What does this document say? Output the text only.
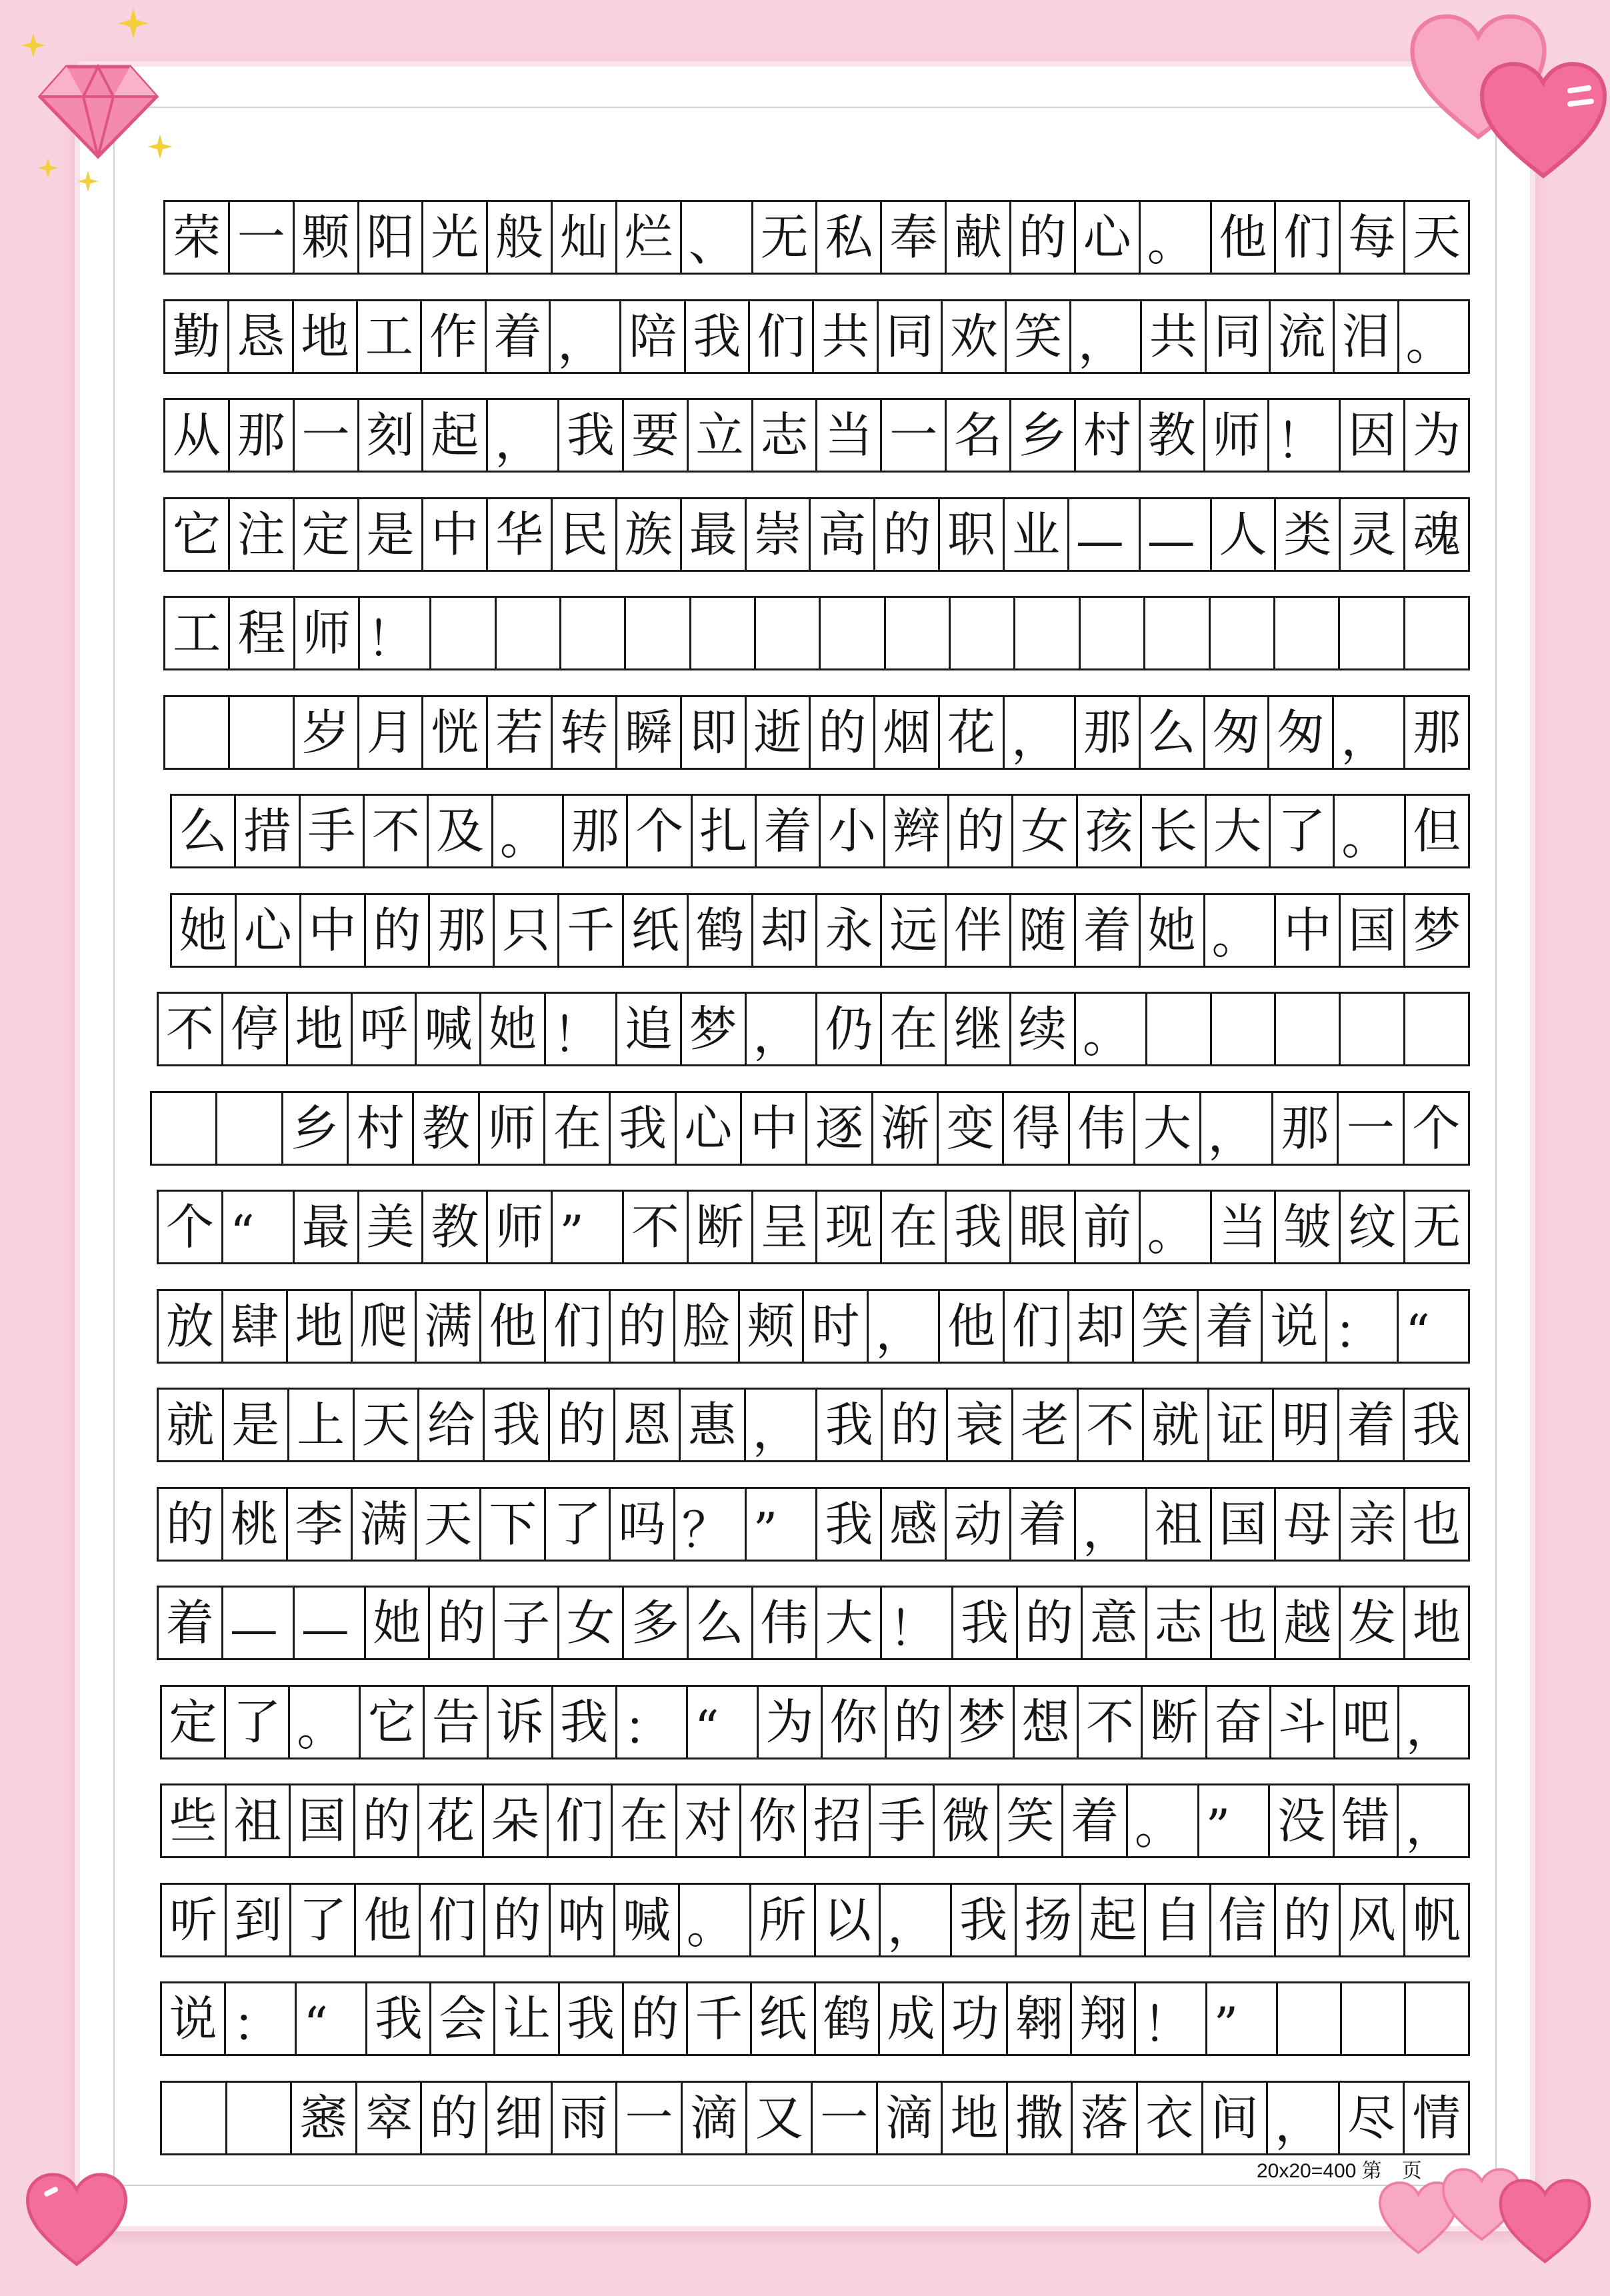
荣 一 颗 阳 光 般 灿 烂 、 无 私 奉 献 的 心 。 他 们 每 天
勤 恳 地 工 作 着 ， 陪 我 们 共 同 欢 笑 ， 共 同 流 泪 。
从 那 一 刻 起 ， 我 要 立 志 当 一 名 乡 村 教 师 ！ 因 为
它 注 定 是 中 华 民 族 最 崇 高 的 职 业 — — 人 类 灵 魂
工 程 师 ！
岁 月 恍 若 转 瞬 即 逝 的 烟 花 ， 那 么 匆 匆 ， 那
么 措 手 不 及 。 那 个 扎 着 小 辫 的 女 孩 长 大 了 。 但
她 心 中 的 那 只 千 纸 鹤 却 永 远 伴 随 着 她 。 中 国 梦
不 停 地 呼 喊 她 ！ 追 梦 ， 仍 在 继 续 。
乡 村 教 师 在 我 心 中 逐 渐 变 得 伟 大 ， 那 一 个
个 “ 最 美 教 师 ” 不 断 呈 现 在 我 眼 前 。 当 皱 纹 无
放 肆 地 爬 满 他 们 的 脸 颊 时 ， 他 们 却 笑 着 说 ： “
就 是 上 天 给 我 的 恩 惠 ， 我 的 衰 老 不 就 证 明 着 我
的 桃 李 满 天 下 了 吗 ？ ” 我 感 动 着 ， 祖 国 母 亲 也
着 — — 她 的 子 女 多 么 伟 大 ！ 我 的 意 志 也 越 发 地
定 了 。 它 告 诉 我 ： “ 为 你 的 梦 想 不 断 奋 斗 吧 ，
些 祖 国 的 花 朵 们 在 对 你 招 手 微 笑 着 。 ” 没 错 ，
听 到 了 他 们 的 呐 喊 。 所 以 ， 我 扬 起 自 信 的 风 帆
说 ： “ 我 会 让 我 的 千 纸 鹤 成 功 翱 翔 ！ ”
窸 窣 的 细 雨 一 滴 又 一 滴 地 撒 落 衣 间 ， 尽 情
20x20=400 第　页
